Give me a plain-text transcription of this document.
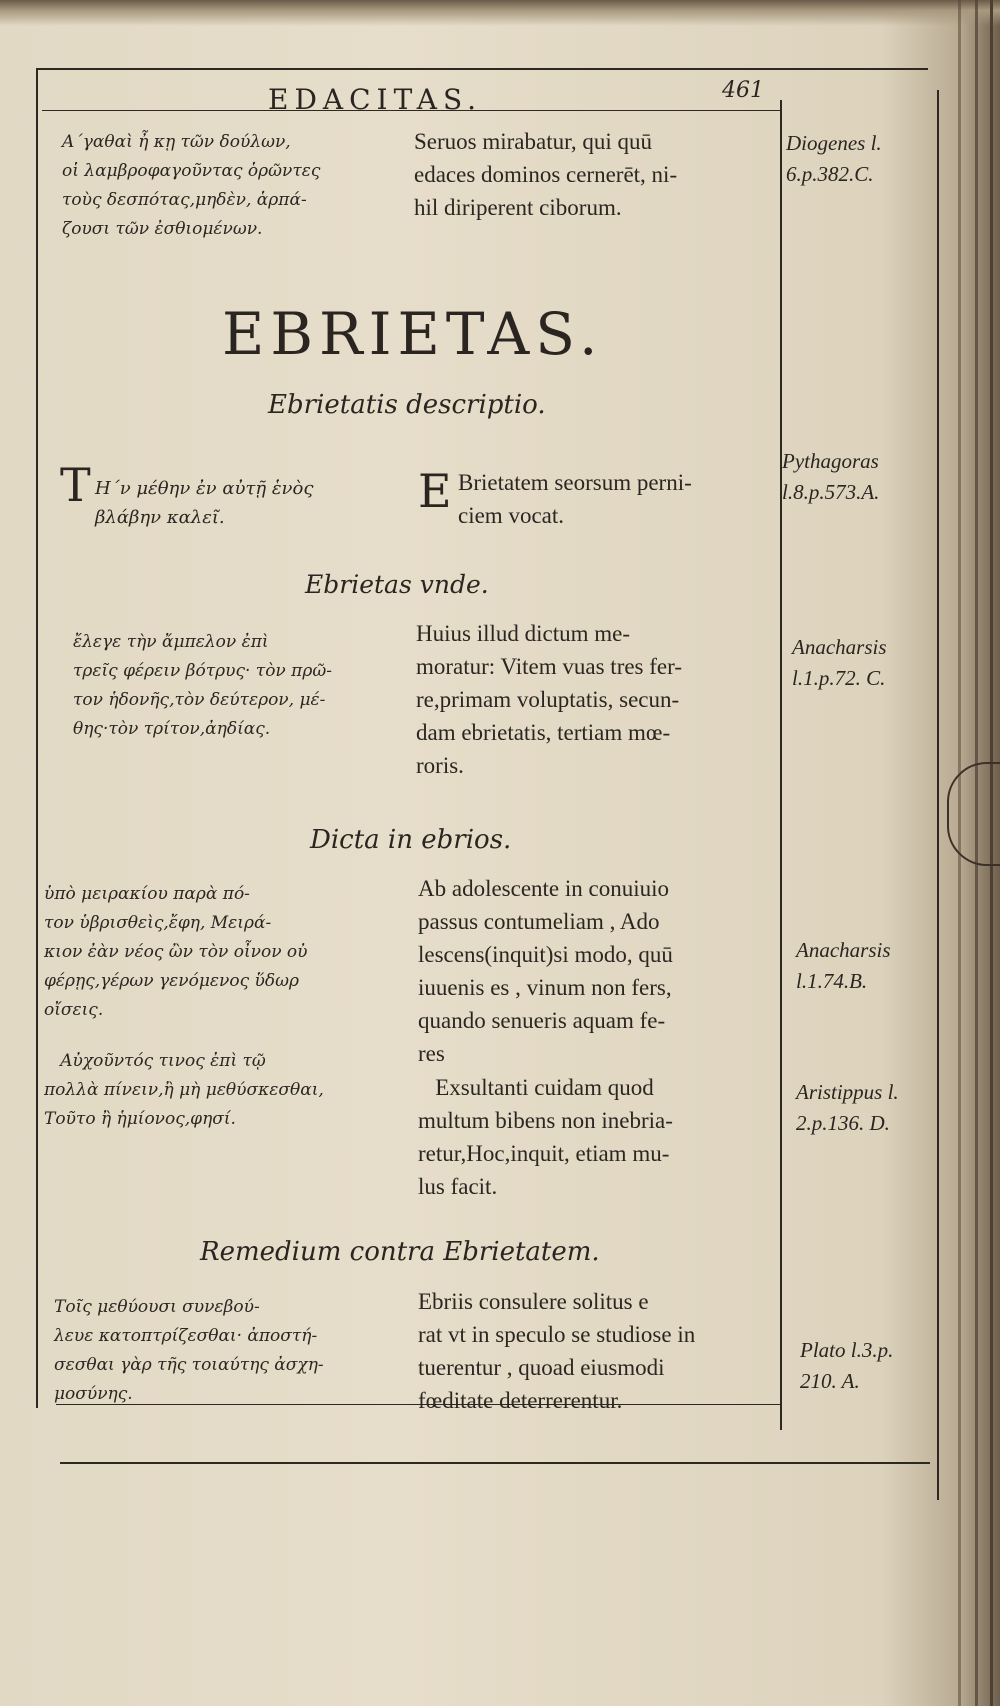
EDACITAS.	461
Α΄γαθαὶ ἦ κῃ τῶν δούλων,
οἱ λαμβροφαγοῦντας ὁρῶντες
τοὺς δεσπότας,μηδὲν, ἁρπά-
ζουσι τῶν ἐσθιομένων.
Seruos mirabatur, qui quū
edaces dominos cernerēt, ni-
hil diriperent ciborum.
Diogenes l.
6.p.382.C.
EBRIETAS.
Ebrietatis descriptio.
T Η΄ν μέθην ἐν αὐτῇ ἑνὸς
βλάβην καλεῖ.	E Brietatem seorsum perni-
ciem vocat.
Pythagoras
l.8.p.573.A.
Ebrietas vnde.
ἔλεγε τὴν ἄμπελον ἐπὶ
τρεῖς φέρειν βότρυς· τὸν πρῶ-
τον ἡδονῆς,τὸν δεύτερον, μέ-
θης·τὸν τρίτον,ἀηδίας.
Huius illud dictum me-
moratur: Vitem vuas tres fer-
re,primam voluptatis, secun-
dam ebrietatis, tertiam mœ-
roris.
Anacharsis
l.1.p.72. C.
Dicta in ebrios.
ὑπὸ μειρακίου παρὰ πό-
τον ὑβρισθεὶς,ἔφη, Μειρά-
κιον ἐὰν νέος ὢν τὸν οἶνον οὐ
φέρῃς,γέρων γενόμενος ὕδωρ
οἴσεις.
Ab adolescente in conuiuio
passus contumeliam , Ado
lescens(inquit)si modo, quū
iuuenis es , vinum non fers,
quando senueris aquam fe-
res
Anacharsis
l.1.74.B.
Αὐχοῦντός τινος ἐπὶ τῷ
πολλὰ πίνειν,ἢ μὴ μεθύσκεσθαι,
Τοῦτο ἢ ἡμίονος,φησί.
Exsultanti cuidam quod
multum bibens non inebria-
retur,Hoc,inquit, etiam mu-
lus facit.
Aristippus l.
2.p.136. D.
Remedium contra Ebrietatem.
Τοῖς μεθύουσι συνεβού-
λευε κατοπτρίζεσθαι· ἀποστή-
σεσθαι γὰρ τῆς τοιαύτης ἀσχη-
μοσύνης.
Ebriis consulere solitus e
rat vt in speculo se studiose in
tuerentur , quoad eiusmodi
fœditate deterrerentur.
Plato l.3.p.
210. A.
